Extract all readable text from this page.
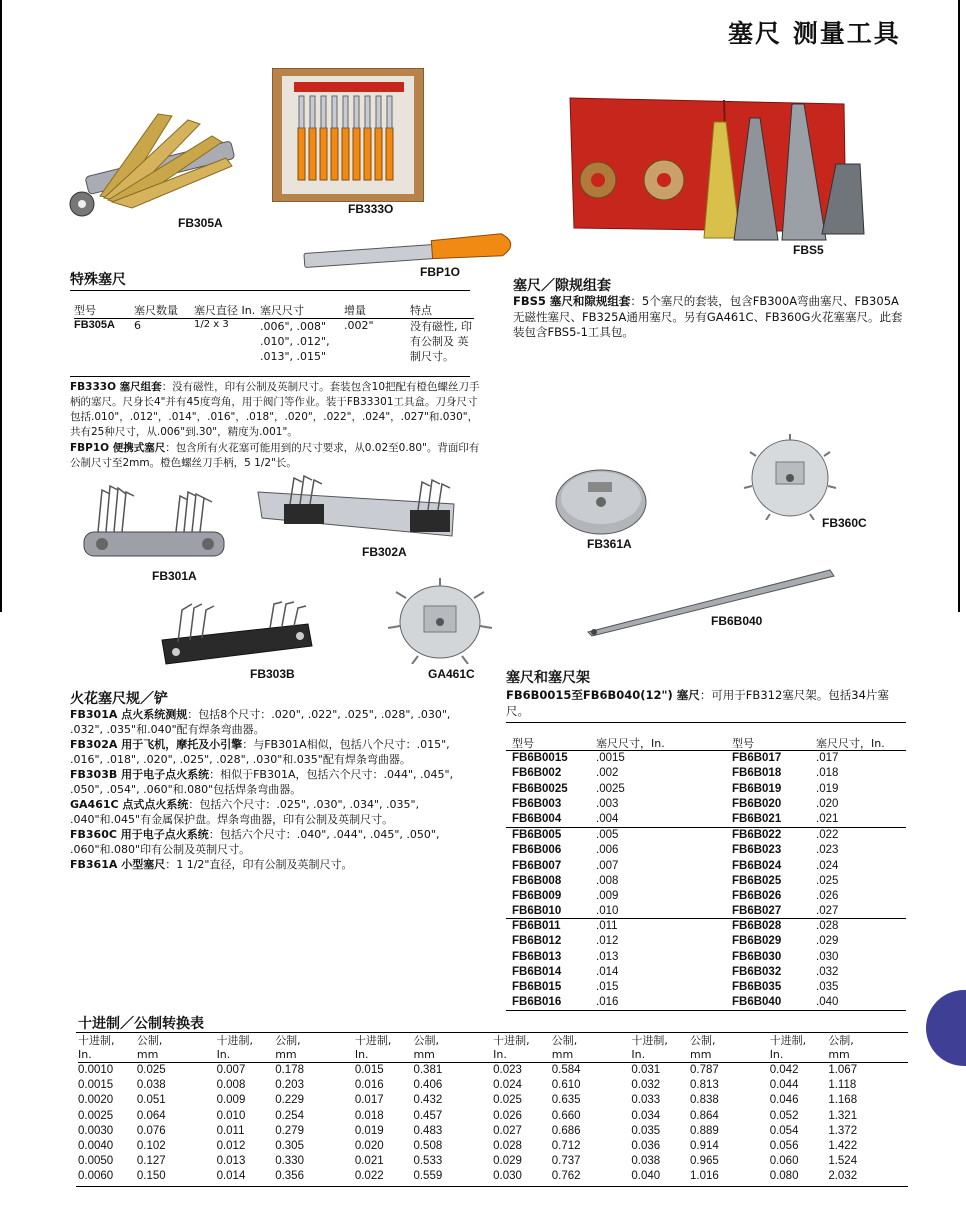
塞尺 测量工具
FB305A
FB333O
FBP1O
FBS5
特殊塞尺
型号	塞尺数量	塞尺直径 In.	塞尺尺寸	增量	特点

FB305A	6	1/2 x 3	.006", .008" .010", .012", .013", .015"	.002"	没有磁性, 印有公制及 英制尺寸。
FB333O 塞尺组套：没有磁性，印有公制及英制尺寸。套装包含10把配有橙色螺丝刀手柄的塞尺。尺身长4"并有45度弯角，用于阀门等作业。装于FB33301工具盒。刀身尺寸包括.010"，.012"，.014"，.016"，.018"，.020"，.022"，.024"，.027"和.030"，共有25种尺寸，从.006"到.30"，精度为.001"。
FBP1O 便携式塞尺：包含所有火花塞可能用到的尺寸要求，从0.02至0.80"。背面印有公制尺寸至2mm。橙色螺丝刀手柄，5 1/2"长。
塞尺／隙规组套
FBS5 塞尺和隙规组套：5个塞尺的套装，包含FB300A弯曲塞尺、FB305A无磁性塞尺、FB325A通用塞尺。另有GA461C、FB360G火花塞塞尺。此套装包含FBS5-1工具包。
FB301A
FB302A
FB361A
FB360C
FB6B040
FB303B	GA461C
火花塞尺规／铲
FB301A 点火系统测规：包括8个尺寸：.020", .022", .025", .028", .030", .032", .035"和.040"配有焊条弯曲器。
FB302A 用于飞机，摩托及小引擎：与FB301A相似，包括八个尺寸：.015", .016", .018", .020", .025", .028", .030"和.035"配有焊条弯曲器。
FB303B 用于电子点火系统：相似于FB301A，包括六个尺寸：.044", .045", .050", .054", .060"和.080"包括焊条弯曲器。
GA461C 点式点火系统：包括六个尺寸：.025", .030", .034", .035", .040"和.045"有金属保护盘。焊条弯曲器，印有公制及英制尺寸。
FB360C 用于电子点火系统：包括六个尺寸：.040", .044", .045", .050", .060"和.080"印有公制及英制尺寸。
FB361A 小型塞尺：1 1/2"直径，印有公制及英制尺寸。
塞尺和塞尺架
FB6B0015至FB6B040(12") 塞尺：可用于FB312塞尺架。包括34片塞尺。
型号	塞尺尺寸，In.	型号	塞尺尺寸，In.
FB6B0015	.0015	FB6B017	.017
FB6B002	.002	FB6B018	.018
FB6B0025	.0025	FB6B019	.019
FB6B003	.003	FB6B020	.020
FB6B004	.004	FB6B021	.021
FB6B005	.005	FB6B022	.022
FB6B006	.006	FB6B023	.023
FB6B007	.007	FB6B024	.024
FB6B008	.008	FB6B025	.025
FB6B009	.009	FB6B026	.026
FB6B010	.010	FB6B027	.027
FB6B011	.011	FB6B028	.028
FB6B012	.012	FB6B029	.029
FB6B013	.013	FB6B030	.030
FB6B014	.014	FB6B032	.032
FB6B015	.015	FB6B035	.035
FB6B016	.016	FB6B040	.040
十进制／公制转换表
十进制,	公制,	十进制,	公制,	十进制,	公制,	十进制,	公制,	十进制,	公制,	十进制,	公制,
In.	mm	In.	mm	In.	mm	In.	mm	In.	mm	In.	mm

0.0010	0.025	0.007	0.178	0.015	0.381	0.023	0.584	0.031	0.787	0.042	1.067
0.0015	0.038	0.008	0.203	0.016	0.406	0.024	0.610	0.032	0.813	0.044	1.118
0.0020	0.051	0.009	0.229	0.017	0.432	0.025	0.635	0.033	0.838	0.046	1.168
0.0025	0.064	0.010	0.254	0.018	0.457	0.026	0.660	0.034	0.864	0.052	1.321
0.0030	0.076	0.011	0.279	0.019	0.483	0.027	0.686	0.035	0.889	0.054	1.372
0.0040	0.102	0.012	0.305	0.020	0.508	0.028	0.712	0.036	0.914	0.056	1.422
0.0050	0.127	0.013	0.330	0.021	0.533	0.029	0.737	0.038	0.965	0.060	1.524
0.0060	0.150	0.014	0.356	0.022	0.559	0.030	0.762	0.040	1.016	0.080	2.032
